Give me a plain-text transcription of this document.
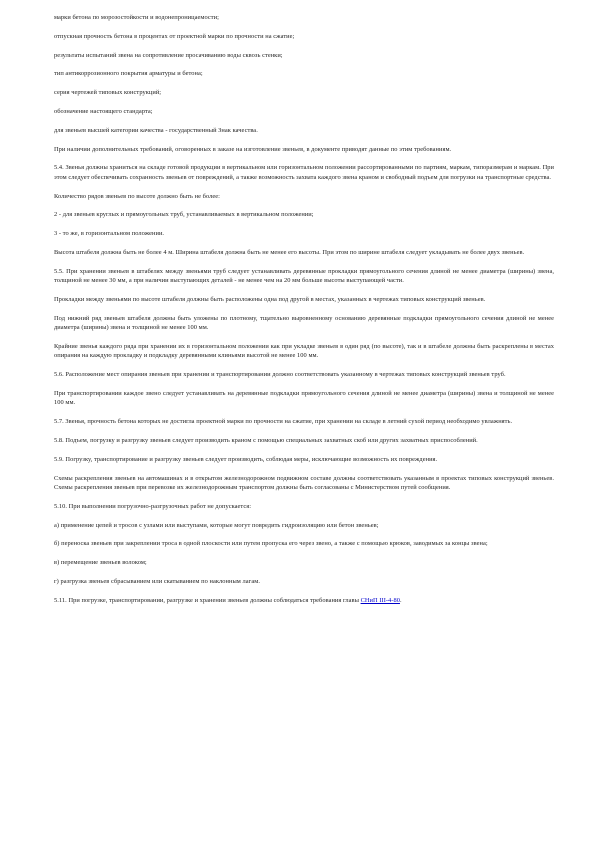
марки бетона по морозостойкости и водонепроницаемости;

отпускная прочность бетона в процентах от проектной марки по прочности на сжатие;

результаты испытаний звена на сопротивление просачиванию воды сквозь стенки;

тип антикоррозионного покрытия арматуры и бетона;

серия чертежей типовых конструкций;

обозначение настоящего стандарта;

для звеньев высшей категории качества - государственный Знак качества.

При наличии дополнительных требований, оговоренных в заказе на изготовление звеньев, в документе приводят данные по этим требованиям.

5.4. Звенья должны храниться на складе готовой продукции в вертикальном или горизонтальном положении рассортированными по партиям, маркам, типоразмерам и маркам. При этом следует обеспечивать сохранность звеньев от повреждений, а также возможность захвата каждого звена краном и свободный подъем для погрузки на транспортные средства.

Количество рядов звеньев по высоте должно быть не более:

2 - для звеньев круглых и прямоугольных труб, устанавливаемых в вертикальном положении;

3 - то же, в горизонтальном положении.

Высота штабеля должна быть не более 4 м. Ширина штабеля должна быть не менее его высоты. При этом по ширине штабеля следует укладывать не более двух звеньев.

5.5. При хранении звеньев в штабелях между звеньями труб следует устанавливать деревянные прокладки прямоугольного сечения длиной не менее диаметра (ширины) звена, толщиной не менее 30 мм, а при наличии выступающих деталей - не менее чем на 20 мм больше высоты выступающей части.

Прокладки между звеньями по высоте штабеля должны быть расположены одна под другой в местах, указанных в чертежах типовых конструкций звеньев.

Под нижний ряд звеньев штабеля должны быть уложены по плотному, тщательно выровненному основанию деревянные подкладки прямоугольного сечения длиной не менее диаметра (ширины) звена и толщиной не менее 100 мм.

Крайние звенья каждого ряда при хранении их в горизонтальном положении как при укладке звеньев в один ряд (по высоте), так и в штабеле должны быть раскреплены в местах опирания на каждую прокладку и подкладку деревянными клиньями высотой не менее 100 мм.

5.6. Расположение мест опирания звеньев при хранении и транспортировании должно соответствовать указанному в чертежах типовых конструкций звеньев труб.

При транспортировании каждое звено следует устанавливать на деревянные подкладки прямоугольного сечения длиной не менее диаметра (ширины) звена и толщиной не менее 100 мм.

5.7. Звенья, прочность бетона которых не достигла проектной марки по прочности на сжатие, при хранении на складе в летний сухой период необходимо увлажнять.

5.8. Подъем, погрузку и разгрузку звеньев следует производить краном с помощью специальных захватных скоб или других захватных приспособлений.

5.9. Погрузку, транспортирование и разгрузку звеньев следует производить, соблюдая меры, исключающие возможность их повреждения.

Схемы раскрепления звеньев на автомашинах и в открытом железнодорожном подвижном составе должны соответствовать указанным в проектах типовых конструкций звеньев. Схемы раскрепления звеньев при перевозке их железнодорожным транспортом должны быть согласованы с Министерством путей сообщения.

5.10. При выполнении погрузочно-разгрузочных работ не допускается:

а) применение цепей и тросов с узлами или выступами, которые могут повредить гидроизоляцию или бетон звеньев;

б) переноска звеньев при закреплении троса в одной плоскости или путем пропуска его через звено, а также с помощью крюков, заводимых за концы звена;

в) перемещение звеньев волоком;

г) разгрузка звеньев сбрасыванием или скатыванием по наклонным лагам.

5.11. При погрузке, транспортировании, разгрузке и хранении звеньев должны соблюдаться требования главы СНиП III-4-80.
